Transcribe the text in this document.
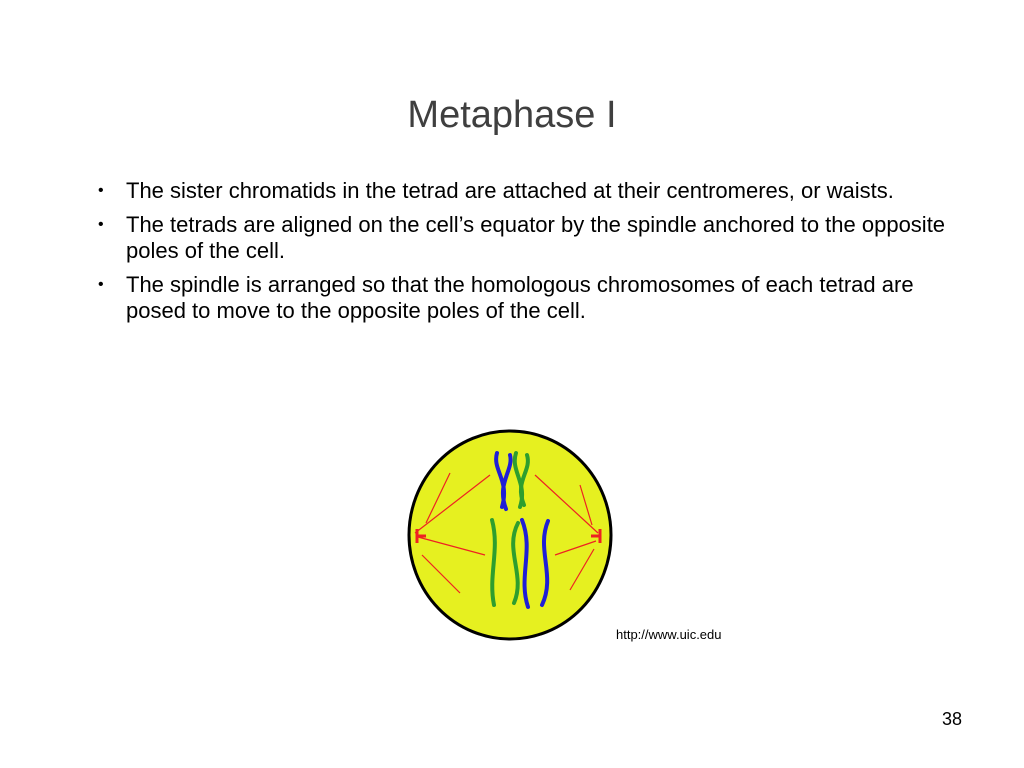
Metaphase I
• The sister chromatids in the tetrad are attached at their centromeres, or waists.
• The tetrads are aligned on the cell’s equator by the spindle anchored to the opposite poles of the cell.
• The spindle is arranged so that the homologous chromosomes of each tetrad are posed to move to the opposite poles of the cell.
http://www.uic.edu
38
